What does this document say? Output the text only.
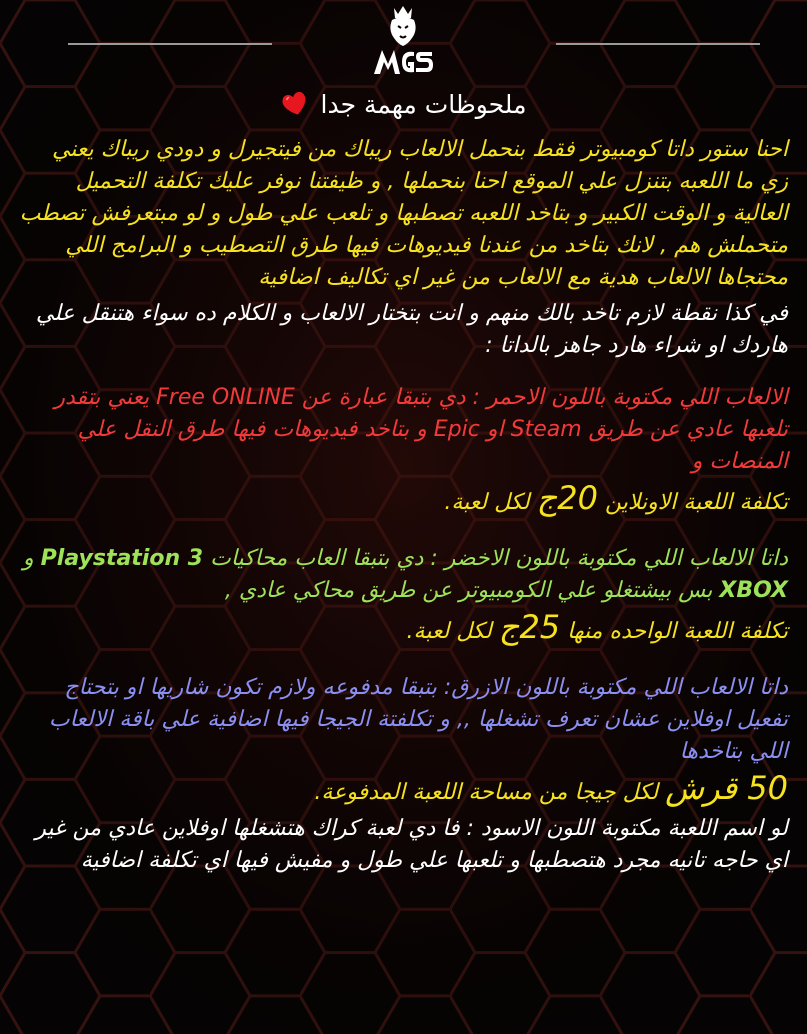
ملحوظات مهمة جدا

احنا ستور داتا كومبيوتر فقط بنحمل الالعاب ريباك من فيتجيرل و دودي ريباك يعني زي ما اللعبه بتنزل علي الموقع احنا بنحملها , و ظيفتنا نوفر عليك تكلفة التحميل العالية و الوقت الكبير و بتاخد اللعبه تصطبها و تلعب علي طول و لو مبتعرفش تصطب متحملش هم , لانك بتاخد من عندنا فيديوهات فيها طرق التصطيب و البرامج اللي محتجاها الالعاب هدية مع الالعاب من غير اي تكاليف اضافية

في كذا نقطة لازم تاخد بالك منهم و انت بتختار الالعاب و الكلام ده سواء هتنقل علي هاردك او شراء هارد جاهز بالداتا :

الالعاب اللي مكتوبة باللون الاحمر : دي بتبقا عبارة عن Free ONLINE يعني بتقدر تلعبها عادي عن طريق Steam او Epic و بتاخد فيديوهات فيها طرق النقل علي المنصات و

تكلفة اللعبة الاونلاين 20ج لكل لعبة.

داتا الالعاب اللي مكتوبة باللون الاخضر : دي بتبقا العاب محاكيات Playstation 3 و XBOX بس بيشتغلو علي الكومبيوتر عن طريق محاكي عادي ,

تكلفة اللعبة الواحده منها 25ج لكل لعبة.

داتا الالعاب اللي مكتوبة باللون الازرق: بتبقا مدفوعه ولازم تكون شاريها او بتحتاج تفعيل اوفلاين عشان تعرف تشغلها ,, و تكلفتة الجيجا فيها اضافية علي باقة الالعاب اللي بتاخدها

50 قرش لكل جيجا من مساحة اللعبة المدفوعة.

لو اسم اللعبة مكتوبة اللون الاسود : فا دي لعبة كراك هتشغلها اوفلاين عادي من غير اي حاجه تانيه مجرد هتصطبها و تلعبها علي طول و مفيش فيها اي تكلفة اضافية
